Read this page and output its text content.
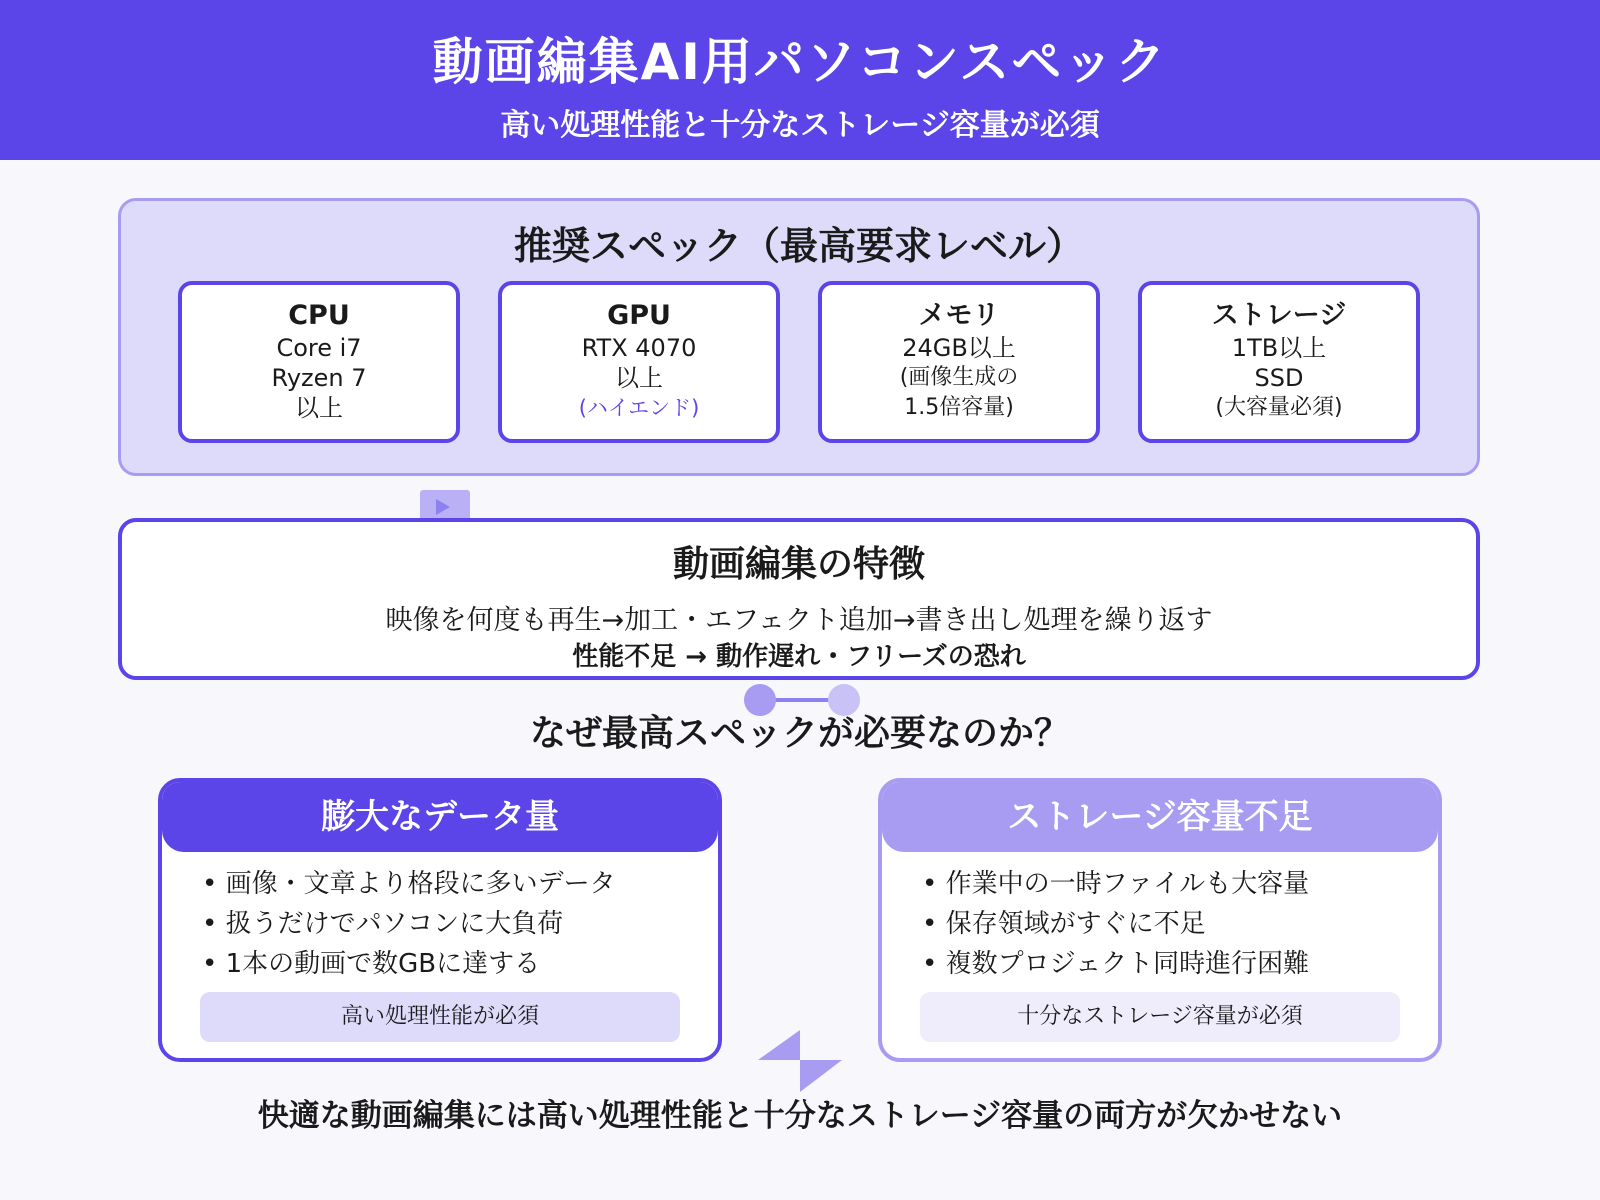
動画編集AI用パソコンスペック
高い処理性能と十分なストレージ容量が必須
推奨スペック（最高要求レベル）
CPU
Core i7
Ryzen 7
以上
GPU
RTX 4070
以上
(ハイエンド)
メモリ
24GB以上
(画像生成の
1.5倍容量)
ストレージ
1TB以上
SSD
(大容量必須)
動画編集の特徴
映像を何度も再生→加工・エフェクト追加→書き出し処理を繰り返す
性能不足 → 動作遅れ・フリーズの恐れ
なぜ最高スペックが必要なのか？
膨大なデータ量
• 画像・文章より格段に多いデータ
• 扱うだけでパソコンに大負荷
• 1本の動画で数GBに達する
高い処理性能が必須
ストレージ容量不足
• 作業中の一時ファイルも大容量
• 保存領域がすぐに不足
• 複数プロジェクト同時進行困難
十分なストレージ容量が必須
快適な動画編集には高い処理性能と十分なストレージ容量の両方が欠かせない
